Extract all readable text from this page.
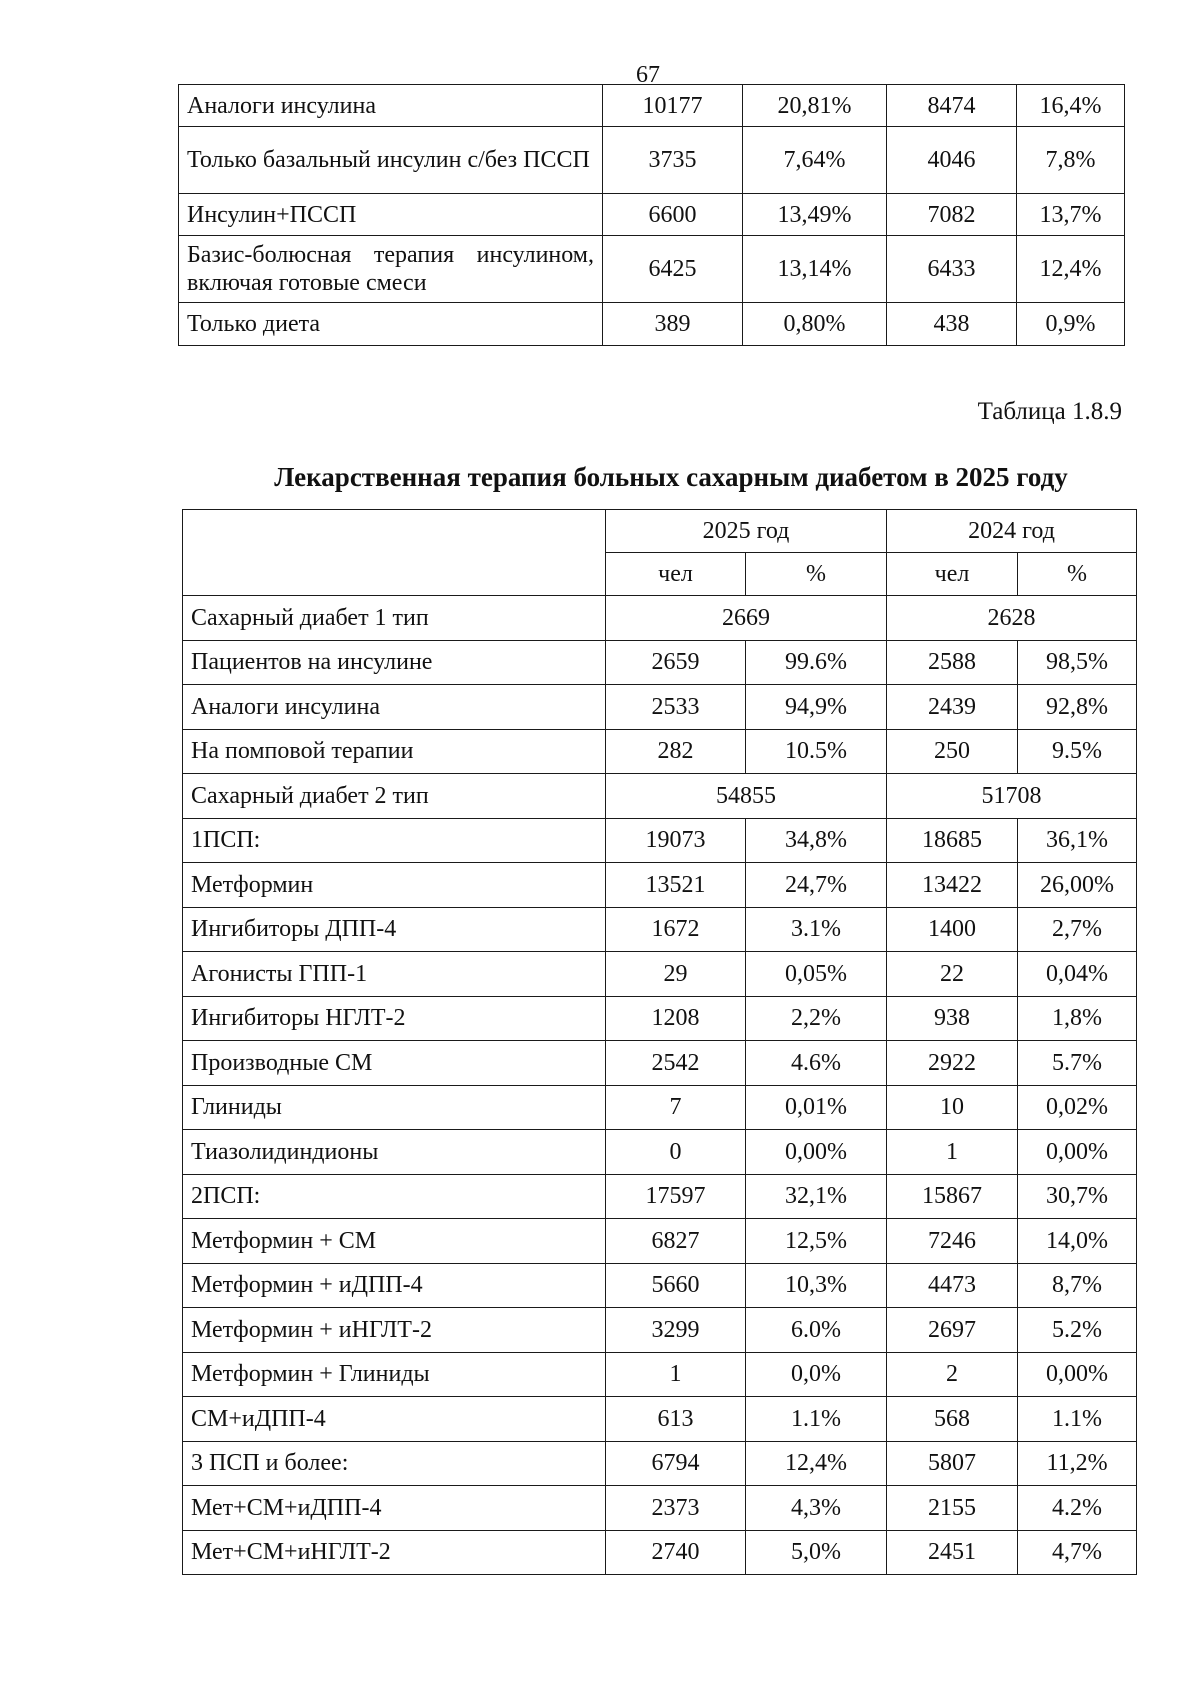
67
Аналоги инсулина	10177	20,81%	8474	16,4%
Только базальный инсулин с/без ПССП	3735	7,64%	4046	7,8%
Инсулин+ПССП	6600	13,49%	7082	13,7%
Базис-болюсная терапия инсулином, включая готовые смеси	6425	13,14%	6433	12,4%
Только диета	389	0,80%	438	0,9%
Таблица 1.8.9
Лекарственная терапия больных сахарным диабетом в 2025 году
	2025 год		2024 год	
	чел	%	чел	%
Сахарный диабет 1 тип	2669		2628	
Пациентов на инсулине	2659	99.6%	2588	98,5%
Аналоги инсулина	2533	94,9%	2439	92,8%
На помповой терапии	282	10.5%	250	9.5%
Сахарный диабет 2 тип	54855		51708	
1ПСП:	19073	34,8%	18685	36,1%
Метформин	13521	24,7%	13422	26,00%
Ингибиторы ДПП-4	1672	3.1%	1400	2,7%
Агонисты ГПП-1	29	0,05%	22	0,04%
Ингибиторы НГЛТ-2	1208	2,2%	938	1,8%
Производные СМ	2542	4.6%	2922	5.7%
Глиниды	7	0,01%	10	0,02%
Тиазолидиндионы	0	0,00%	1	0,00%
2ПСП:	17597	32,1%	15867	30,7%
Метформин + СМ	6827	12,5%	7246	14,0%
Метформин + иДПП-4	5660	10,3%	4473	8,7%
Метформин + иНГЛТ-2	3299	6.0%	2697	5.2%
Метформин + Глиниды	1	0,0%	2	0,00%
СМ+иДПП-4	613	1.1%	568	1.1%
3 ПСП и более:	6794	12,4%	5807	11,2%
Мет+СМ+иДПП-4	2373	4,3%	2155	4.2%
Мет+СМ+иНГЛТ-2	2740	5,0%	2451	4,7%
